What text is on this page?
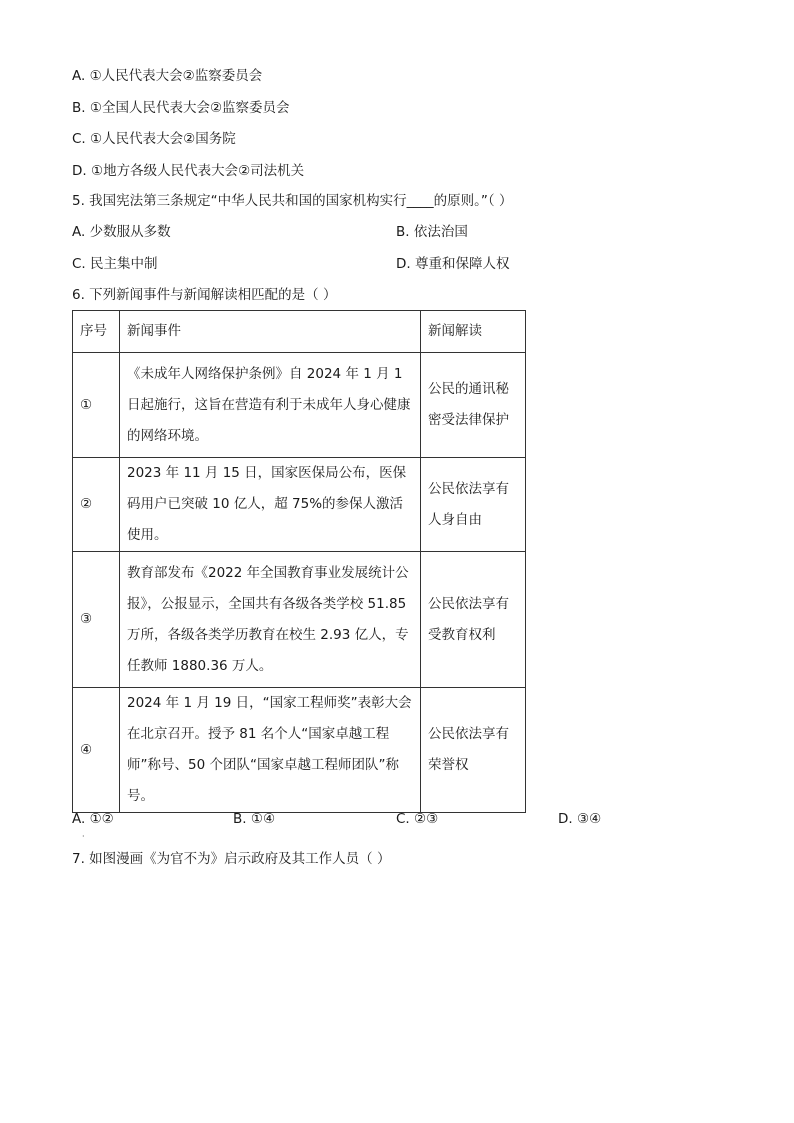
A. ①人民代表大会②监察委员会
B. ①全国人民代表大会②监察委员会
C. ①人民代表大会②国务院
D. ①地方各级人民代表大会②司法机关
5. 我国宪法第三条规定“中华人民共和国的国家机构实行____的原则。”（ ）
A. 少数服从多数	B. 依法治国
C. 民主集中制	D. 尊重和保障人权
6. 下列新闻事件与新闻解读相匹配的是（ ）
序号	新闻事件	新闻解读
①	《未成年人网络保护条例》自 2024 年 1 月 1 日起施行，这旨在营造有利于未成年人身心健康的网络环境。	公民的通讯秘密受法律保护

②	2023 年 11 月 15 日，国家医保局公布，医保码用户已突破 10 亿人，超 75%的参保人激活使用。	公民依法享有人身自由

③	教育部发布《2022 年全国教育事业发展统计公报》，公报显示，全国共有各级各类学校 51.85 万所，各级各类学历教育在校生 2.93 亿人，专任教师 1880.36 万人。	公民依法享有受教育权利

④	2024 年 1 月 19 日，“国家工程师奖”表彰大会在北京召开。授予 81 名个人“国家卓越工程师”称号、50 个团队“国家卓越工程师团队”称号。	公民依法享有荣誉权
A. ①②	B. ①④	C. ②③	D. ③④
·
7. 如图漫画《为官不为》启示政府及其工作人员（ ）
